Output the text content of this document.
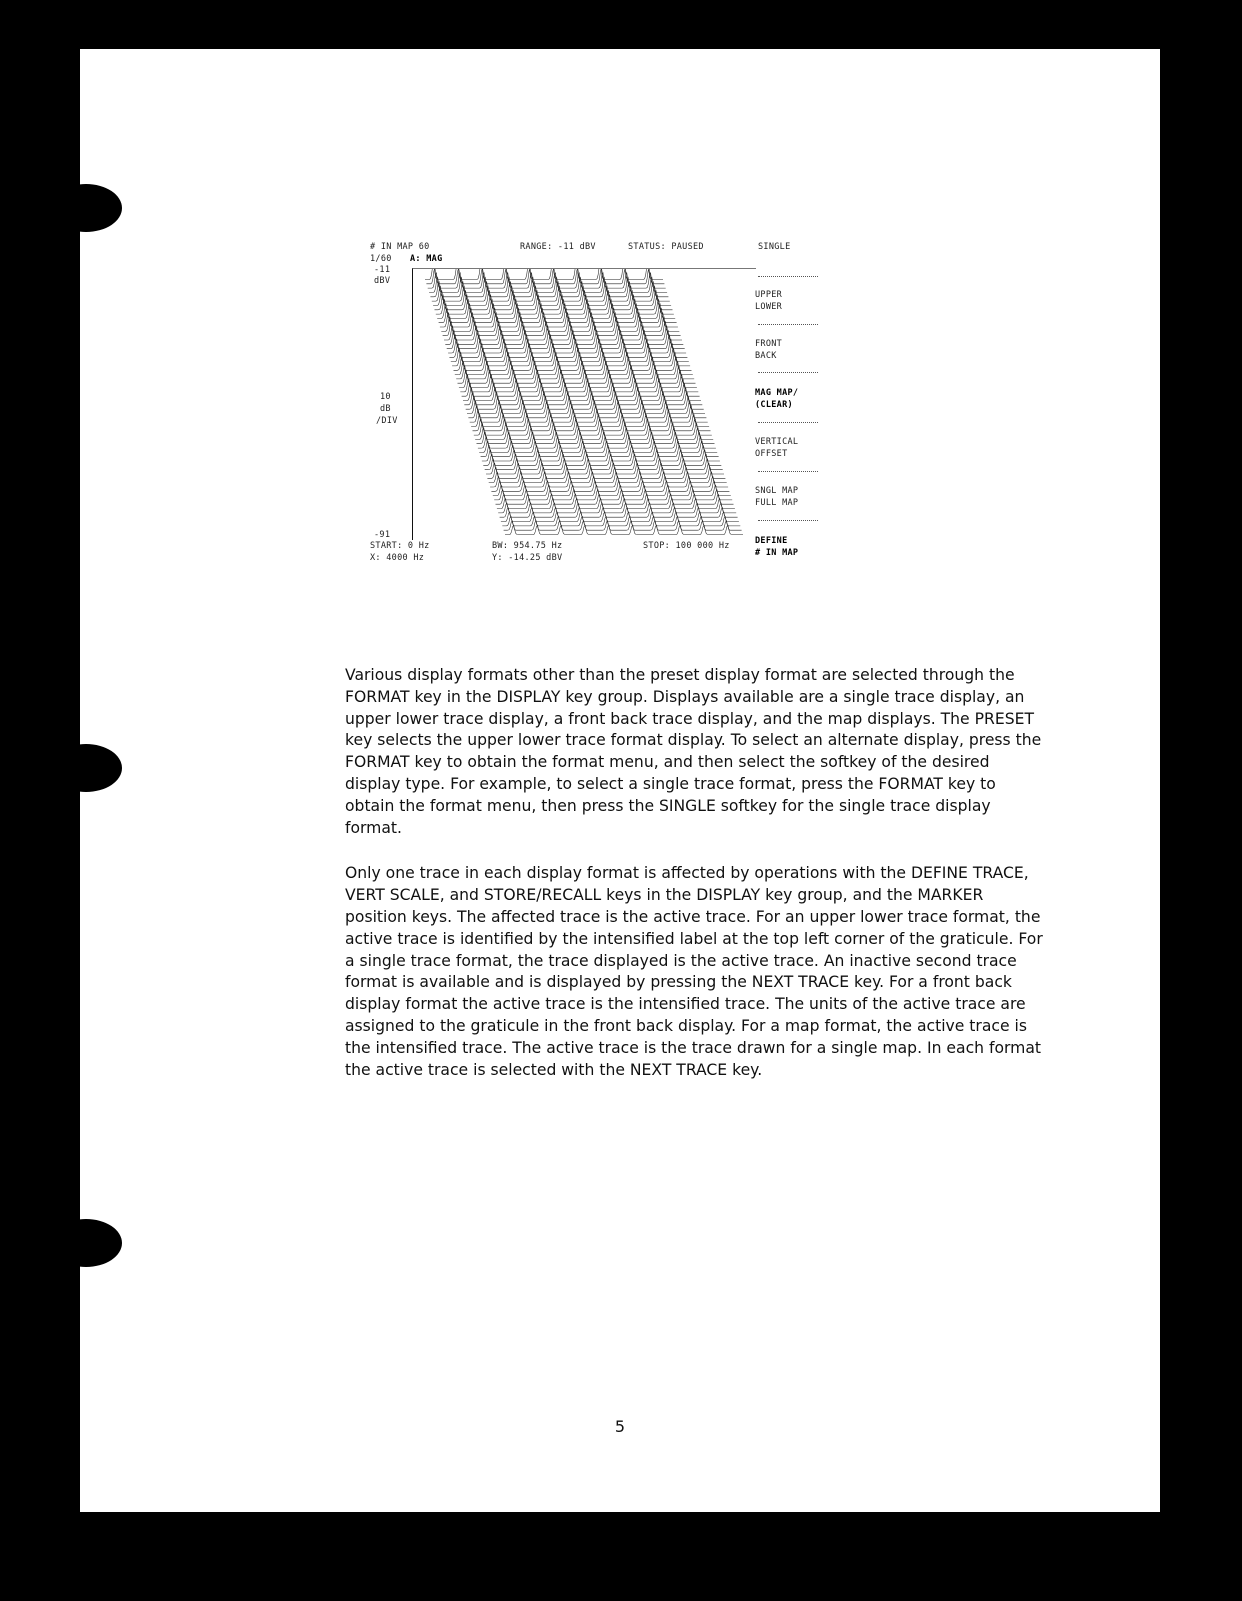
# IN MAP 60	RANGE: -11 dBV	STATUS: PAUSED	SINGLE
1/60 A: MAG
-11
dBV
10
dB
/DIV
-91
UPPER
LOWER
FRONT
BACK
MAG MAP/
(CLEAR)
VERTICAL
OFFSET
SNGL MAP
FULL MAP
DEFINE
# IN MAP
START: 0 Hz	BW: 954.75 Hz	STOP: 100 000 Hz
X: 4000 Hz	Y: -14.25 dBV

Various display formats other than the preset display format are selected through the FORMAT key in the DISPLAY key group. Displays available are a single trace display, an upper lower trace display, a front back trace display, and the map displays. The PRESET key selects the upper lower trace format display. To select an alternate display, press the FORMAT key to obtain the format menu, and then select the softkey of the desired display type. For example, to select a single trace format, press the FORMAT key to obtain the format menu, then press the SINGLE softkey for the single trace display format.

Only one trace in each display format is affected by operations with the DEFINE TRACE, VERT SCALE, and STORE/RECALL keys in the DISPLAY key group, and the MARKER position keys. The affected trace is the active trace. For an upper lower trace format, the active trace is identified by the intensified label at the top left corner of the graticule. For a single trace format, the trace displayed is the active trace. An inactive second trace format is available and is displayed by pressing the NEXT TRACE key. For a front back display format the active trace is the intensified trace. The units of the active trace are assigned to the graticule in the front back display. For a map format, the active trace is the intensified trace. The active trace is the trace drawn for a single map. In each format the active trace is selected with the NEXT TRACE key.

5
